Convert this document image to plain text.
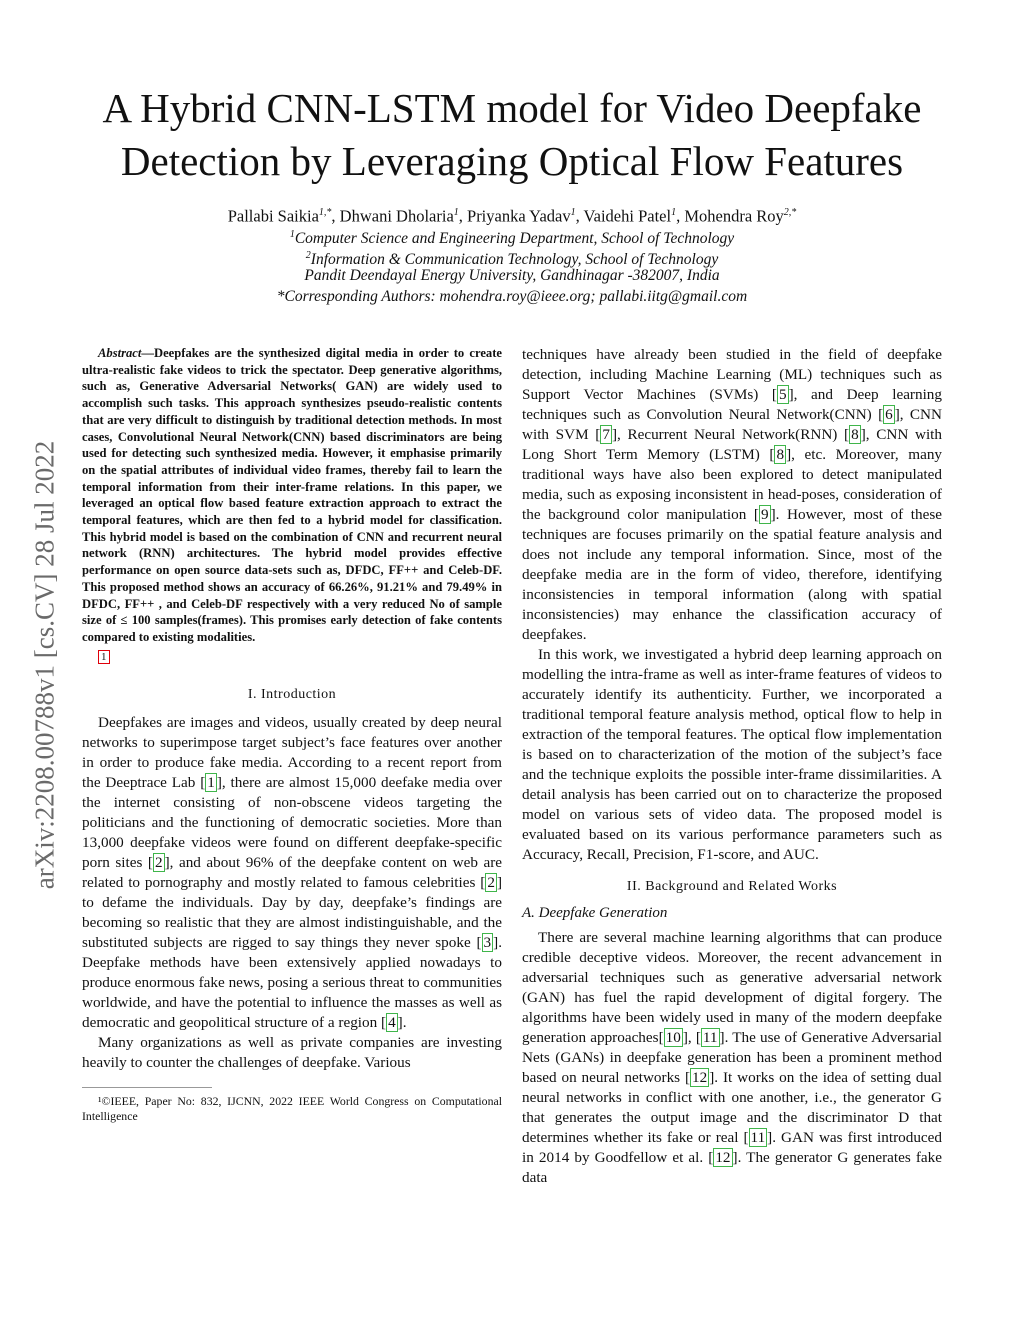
A Hybrid CNN-LSTM model for Video Deepfake
Detection by Leveraging Optical Flow Features
Pallabi Saikia$^{1,*}$, Dhwani Dholaria$^1$, Priyanka Yadav$^1$, Vaidehi Patel$^1$, Mohendra Roy$^{2,*}$
$^1$Computer Science and Engineering Department, School of Technology
$^2$Information & Communication Technology, School of Technology
Pandit Deendayal Energy University, Gandhinagar -382007, India
*Corresponding Authors: mohendra.roy@ieee.org; pallabi.iitg@gmail.com
arXiv:2208.00788v1 [cs.CV] 28 Jul 2022

Abstract—Deepfakes are the synthesized digital media in order to create ultra-realistic fake videos to trick the spectator. Deep generative algorithms, such as, Generative Adversarial Networks( GAN) are widely used to accomplish such tasks. This approach synthesizes pseudo-realistic contents that are very difficult to distinguish by traditional detection methods. In most cases, Convolutional Neural Network(CNN) based discriminators are being used for detecting such synthesized media. However, it emphasise primarily on the spatial attributes of individual video frames, thereby fail to learn the temporal information from their inter-frame relations. In this paper, we leveraged an optical flow based feature extraction approach to extract the temporal features, which are then fed to a hybrid model for classification. This hybrid model is based on the combination of CNN and recurrent neural network (RNN) architectures. The hybrid model provides effective performance on open source data-sets such as, DFDC, FF++ and Celeb-DF. This proposed method shows an accuracy of 66.26%, 91.21% and 79.49% in DFDC, FF++ , and Celeb-DF respectively with a very reduced No of sample size of ≤ 100 samples(frames). This promises early detection of fake contents compared to existing modalities.

1
I. Introduction

Deepfakes are images and videos, usually created by deep neural networks to superimpose target subject’s face features over another in order to produce fake media. According to a recent report from the Deeptrace Lab [ 1 ], there are almost 15,000 deefake media over the internet consisting of non-obscene videos targeting the politicians and the functioning of democratic societies. More than 13,000 deepfake videos were found on different deepfake-specific porn sites [ 2 ], and about 96% of the deepfake content on web are related to pornography and mostly related to famous celebrities [ 2 ] to defame the individuals. Day by day, deepfake’s findings are becoming so realistic that they are almost indistinguishable, and the substituted subjects are rigged to say things they never spoke [ 3 ]. Deepfake methods have been extensively applied nowadays to produce enormous fake news, posing a serious threat to communities worldwide, and have the potential to influence the masses as well as democratic and geopolitical structure of a region [ 4 ].

Many organizations as well as private companies are investing heavily to counter the challenges of deepfake. Various

¹©IEEE, Paper No: 832, IJCNN, 2022 IEEE World Congress on Computational Intelligence

techniques have already been studied in the field of deepfake detection, including Machine Learning (ML) techniques such as Support Vector Machines (SVMs) [ 5 ], and Deep learning techniques such as Convolution Neural Network(CNN) [ 6 ], CNN with SVM [ 7 ], Recurrent Neural Network(RNN) [ 8 ], CNN with Long Short Term Memory (LSTM) [ 8 ], etc. Moreover, many traditional ways have also been explored to detect manipulated media, such as exposing inconsistent in head-poses, consideration of the background color manipulation [ 9 ]. However, most of these techniques are focuses primarily on the spatial feature analysis and does not include any temporal information. Since, most of the deepfake media are in the form of video, therefore, identifying inconsistencies in temporal information (along with spatial inconsistencies) may enhance the classification accuracy of deepfakes.

In this work, we investigated a hybrid deep learning approach on modelling the intra-frame as well as inter-frame features of videos to accurately identify its authenticity. Further, we incorporated a traditional temporal feature analysis method, optical flow to help in extraction of the temporal features. The optical flow implementation is based on to characterization of the motion of the subject’s face and the technique exploits the possible inter-frame dissimilarities. A detail analysis has been carried out on to characterize the proposed model on various sets of video data. The proposed model is evaluated based on its various performance parameters such as Accuracy, Recall, Precision, F1-score, and AUC.

II. Background and Related Works
A. Deepfake Generation

There are several machine learning algorithms that can produce credible deceptive videos. Moreover, the recent advancement in adversarial techniques such as generative adversarial network (GAN) has fuel the rapid development of digital forgery. The algorithms have been widely used in many of the modern deepfake generation approaches[ 10 ], [ 11 ]. The use of Generative Adversarial Nets (GANs) in deepfake generation has been a prominent method based on neural networks [ 12 ]. It works on the idea of setting dual neural networks in conflict with one another, i.e., the generator G that generates the output image and the discriminator D that determines whether its fake or real [ 11 ]. GAN was first introduced in 2014 by Goodfellow et al. [ 12 ]. The generator G generates fake data
